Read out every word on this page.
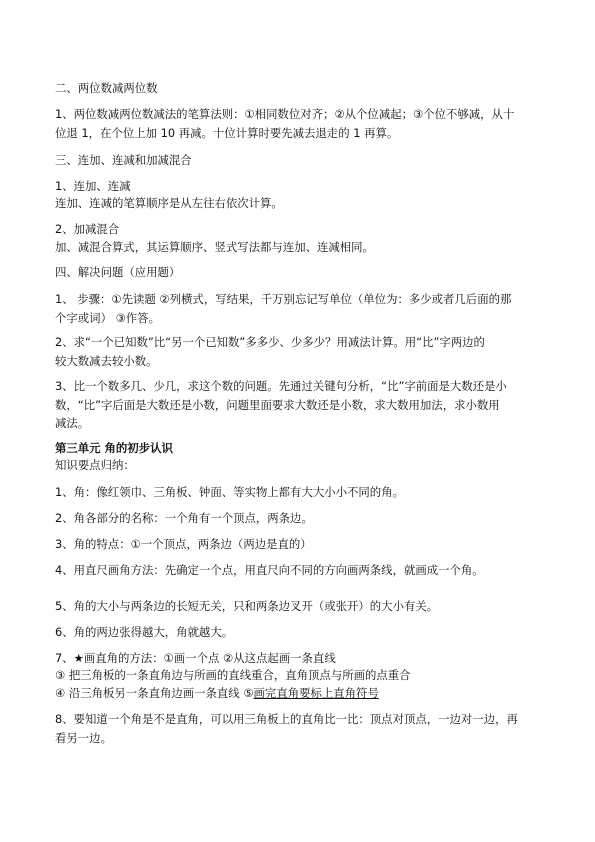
二、两位数减两位数
1、两位数减两位数减法的笔算法则：①相同数位对齐；②从个位减起；③个位不够减，从十
位退 1，在个位上加 10 再减。十位计算时要先减去退走的 1 再算。
三、连加、连减和加减混合
1、连加、连减
连加、连减的笔算顺序是从左往右依次计算。
2、加减混合
加、减混合算式，其运算顺序、竖式写法都与连加、连减相同。
四、解决问题（应用题）
1、 步骤：①先读题 ②列横式，写结果，千万别忘记写单位（单位为：多少或者几后面的那
个字或词） ③作答。
2、求“一个已知数”比“另一个已知数”多多少、少多少？用减法计算。用“比”字两边的
较大数减去较小数。
3、比一个数多几、少几，求这个数的问题。先通过关键句分析，“比”字前面是大数还是小
数，“比”字后面是大数还是小数，问题里面要求大数还是小数，求大数用加法，求小数用
减法。
第三单元 角的初步认识
知识要点归纳：
1、角：像红领巾、三角板、钟面、等实物上都有大大小小不同的角。
2、角各部分的名称：一个角有一个顶点，两条边。
3、角的特点：①一个顶点，两条边（两边是直的）
4、用直尺画角方法：先确定一个点，用直尺向不同的方向画两条线，就画成一个角。
5、角的大小与两条边的长短无关，只和两条边叉开（或张开）的大小有关。
6、角的两边张得越大，角就越大。
7、★画直角的方法：①画一个点 ②从这点起画一条直线
③ 把三角板的一条直角边与所画的直线重合，直角顶点与所画的点重合
④ 沿三角板另一条直角边画一条直线 ⑤画完直角要标上直角符号
8、要知道一个角是不是直角，可以用三角板上的直角比一比：顶点对顶点，一边对一边，再
看另一边。
